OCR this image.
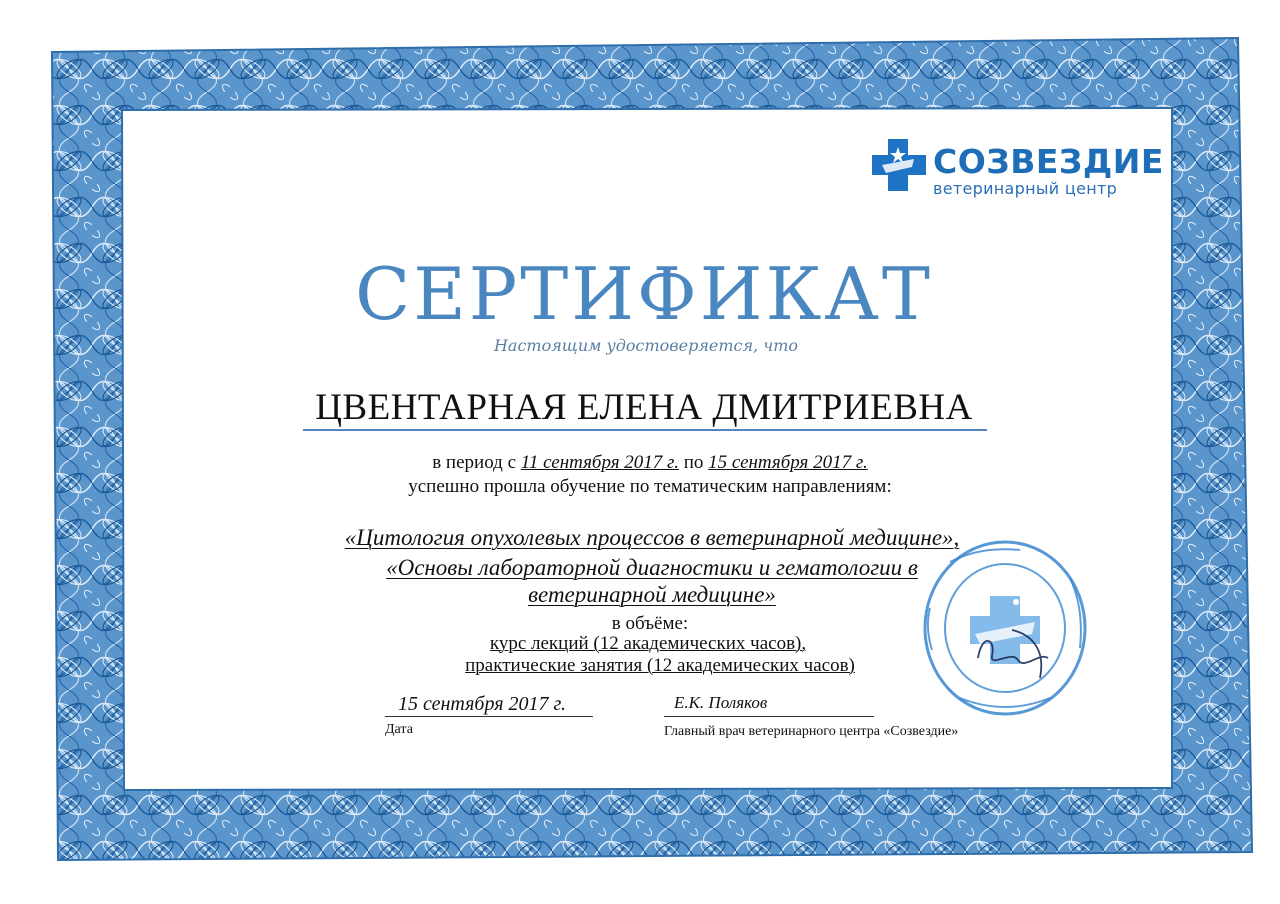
СОЗВЕЗДИЕ
ветеринарный центр
СЕРТИФИКАТ
Настоящим удостоверяется, что
ЦВЕНТАРНАЯ ЕЛЕНА ДМИТРИЕВНА
в период с 11 сентября 2017 г. по 15 сентября 2017 г.
успешно прошла обучение по тематическим направлениям:
«Цитология опухолевых процессов в ветеринарной медицине»,
«Основы лабораторной диагностики и гематологии в
ветеринарной медицине»
в объёме:
курс лекций (12 академических часов),
практические занятия (12 академических часов)
15 сентября 2017 г.
Дата
Е.К. Поляков
Главный врач ветеринарного центра «Созвездие»
